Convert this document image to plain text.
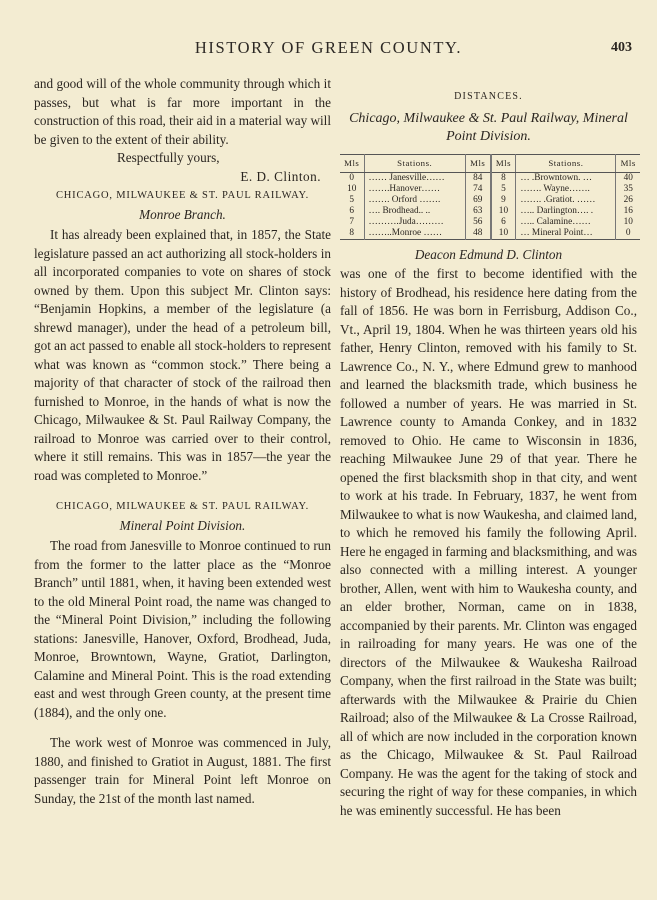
HISTORY OF GREEN COUNTY.	403

and good will of the whole community through which it passes, but what is far more important in the construction of this road, their aid in a material way will be given to the extent of their ability.

Respectfully yours,

E. D. Clinton.

CHICAGO, MILWAUKEE & ST. PAUL RAILWAY.
Monroe Branch.

It has already been explained that, in 1857, the State legislature passed an act authorizing all stock-holders in all incorporated companies to vote on shares of stock owned by them. Upon this subject Mr. Clinton says: “Benjamin Hopkins, a member of the legislature (a shrewd manager), under the head of a petroleum bill, got an act passed to enable all stock-holders to represent what was known as “common stock.” There being a majority of that character of stock of the railroad then furnished to Monroe, in the hands of what is now the Chicago, Milwaukee & St. Paul Railway Company, the railroad to Monroe was carried over to their control, where it still remains. This was in 1857—the year the road was completed to Monroe.”

CHICAGO, MILWAUKEE & ST. PAUL RAILWAY.
Mineral Point Division.

The road from Janesville to Monroe continued to run from the former to the latter place as the “Monroe Branch” until 1881, when, it having been extended west to the old Mineral Point road, the name was changed to the “Mineral Point Division,” including the following stations: Janesville, Hanover, Oxford, Brodhead, Juda, Monroe, Browntown, Wayne, Gratiot, Darlington, Calamine and Mineral Point. This is the road extending east and west through Green county, at the present time (1884), and the only one.

The work west of Monroe was commenced in July, 1880, and finished to Gratiot in August, 1881. The first passenger train for Mineral Point left Monroe on Sunday, the 21st of the month last named.

DISTANCES.
Chicago, Milwaukee & St. Paul Railway, Mineral Point Division.
Mls	Stations.	Mls	Mls	Stations.	Mls
0	…… Janesville……	84	8	… .Browntown. …	40
10	…….Hanover……	74	5	……. Wayne…….	35
5	……. Orford …….	69	9	……. .Gratiot. ……	26
6	…. Brodhead.. ..	63	10	….. Darlington…. .	16
7	……….Juda………	56	6	….. Calamine……	10
8	……..Monroe ……	48	10	… Mineral Point…	0
Deacon Edmund D. Clinton

was one of the first to become identified with the history of Brodhead, his residence here dating from the fall of 1856. He was born in Ferrisburg, Addison Co., Vt., April 19, 1804. When he was thirteen years old his father, Henry Clinton, removed with his family to St. Lawrence Co., N. Y., where Edmund grew to manhood and learned the blacksmith trade, which business he followed a number of years. He was married in St. Lawrence county to Amanda Conkey, and in 1832 removed to Ohio. He came to Wisconsin in 1836, reaching Milwaukee June 29 of that year. There he opened the first blacksmith shop in that city, and went to work at his trade. In February, 1837, he went from Milwaukee to what is now Waukesha, and claimed land, to which he removed his family the following April. Here he engaged in farming and blacksmithing, and was also connected with a milling interest. A younger brother, Allen, went with him to Waukesha county, and an elder brother, Norman, came on in 1838, accompanied by their parents. Mr. Clinton was engaged in railroading for many years. He was one of the directors of the Milwaukee & Waukesha Railroad Company, when the first railroad in the State was built; afterwards with the Milwaukee & Prairie du Chien Railroad; also of the Milwaukee & La Crosse Railroad, all of which are now included in the corporation known as the Chicago, Milwaukee & St. Paul Railroad Company. He was the agent for the taking of stock and securing the right of way for these companies, in which he was eminently successful. He has been
